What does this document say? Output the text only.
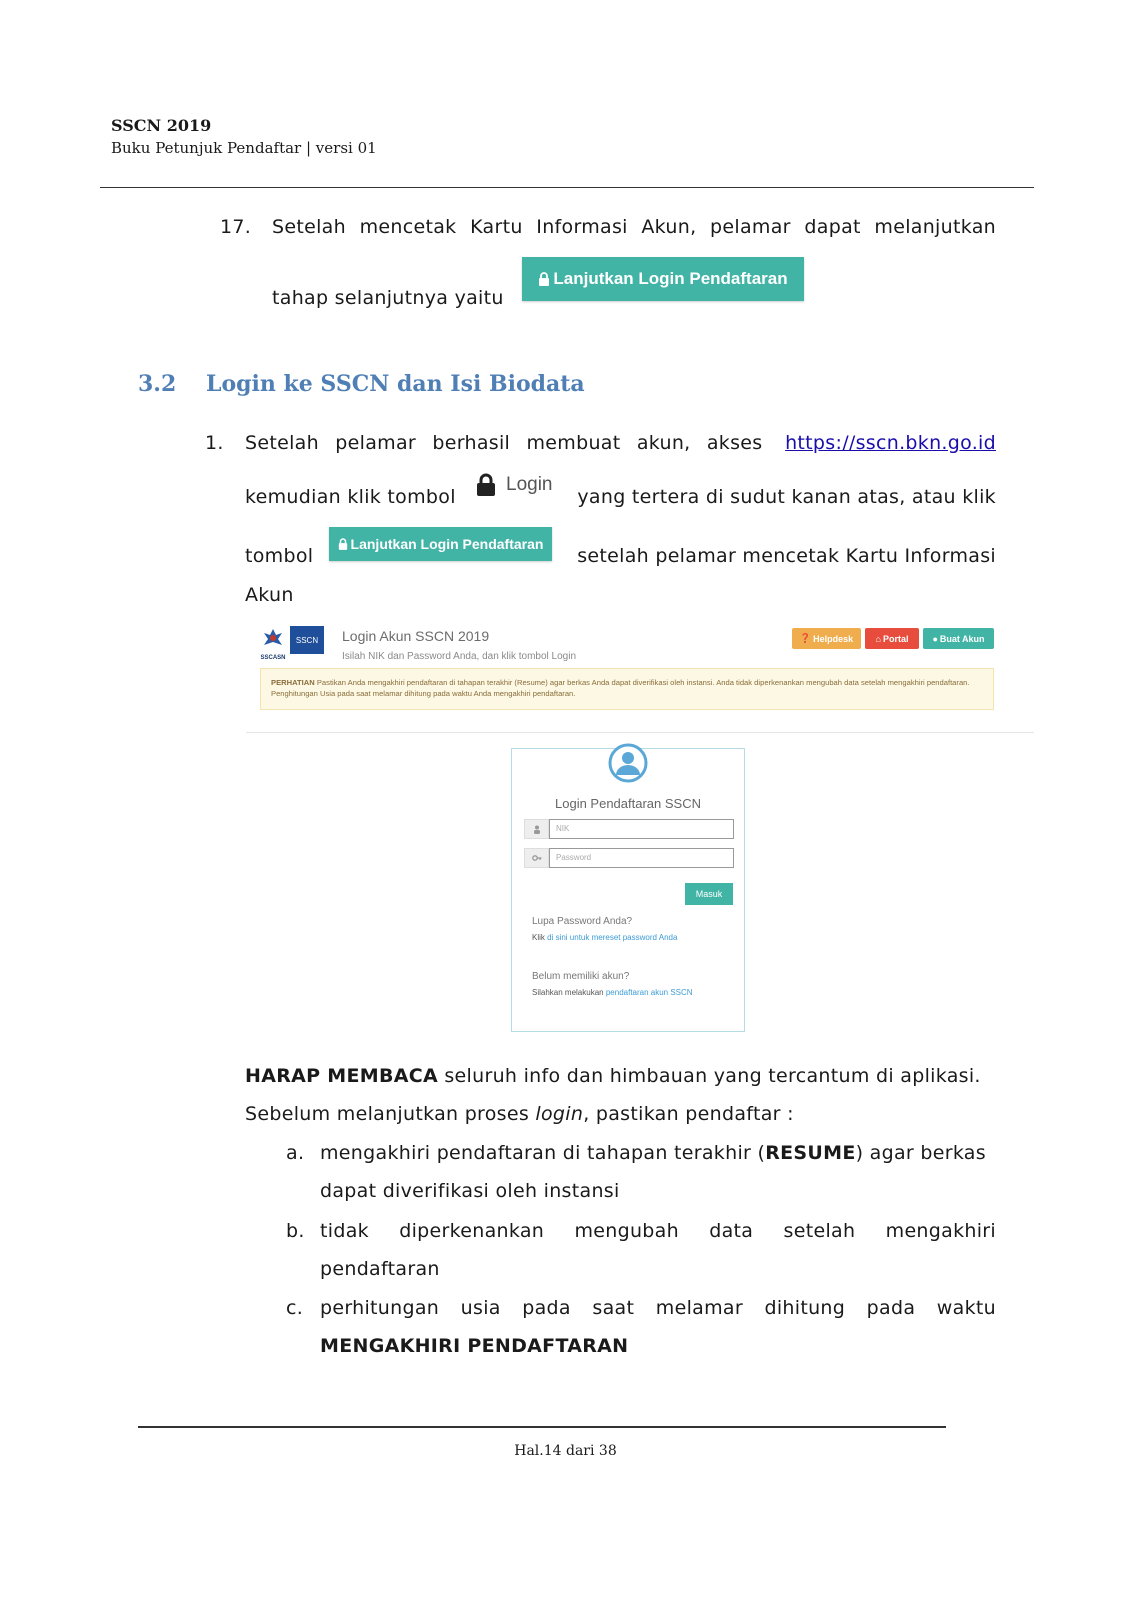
SSCN 2019
Buku Petunjuk Pendaftar | versi 01
17. Setelah mencetak Kartu Informasi Akun, pelamar dapat melanjutkan
tahap selanjutnya yaitu
Lanjutkan Login Pendaftaran
3.2 Login ke SSCN dan Isi Biodata
1. Setelah pelamar berhasil membuat akun, akses https://sscn.bkn.go.id
kemudian klik tombol
Login
yang tertera di sudut kanan atas, atau klik
tombol
Lanjutkan Login Pendaftaran
setelah pelamar mencetak Kartu Informasi
Akun
SSCASN
SSCN Login Akun SSCN 2019
Isilah NIK dan Password Anda, dan klik tombol Login
❓ Helpdesk ⌂ Portal	● Buat Akun
PERHATIAN Pastikan Anda mengakhiri pendaftaran di tahapan terakhir (Resume) agar berkas Anda dapat diverifikasi oleh instansi. Anda tidak diperkenankan mengubah data setelah mengakhiri pendaftaran. Penghitungan Usia pada saat melamar dihitung pada waktu Anda mengakhiri pendaftaran.
Login Pendaftaran SSCN
NIK
Password
Masuk
Lupa Password Anda?
Klik di sini untuk mereset password Anda
Belum memiliki akun?
Silahkan melakukan pendaftaran akun SSCN
HARAP MEMBACA seluruh info dan himbauan yang tercantum di aplikasi.
Sebelum melanjutkan proses login, pastikan pendaftar :
a. mengakhiri pendaftaran di tahapan terakhir (RESUME) agar berkas
dapat diverifikasi oleh instansi
b. tidak diperkenankan mengubah data setelah mengakhiri
pendaftaran
c. perhitungan usia pada saat melamar dihitung pada waktu
MENGAKHIRI PENDAFTARAN
Hal.14 dari 38
